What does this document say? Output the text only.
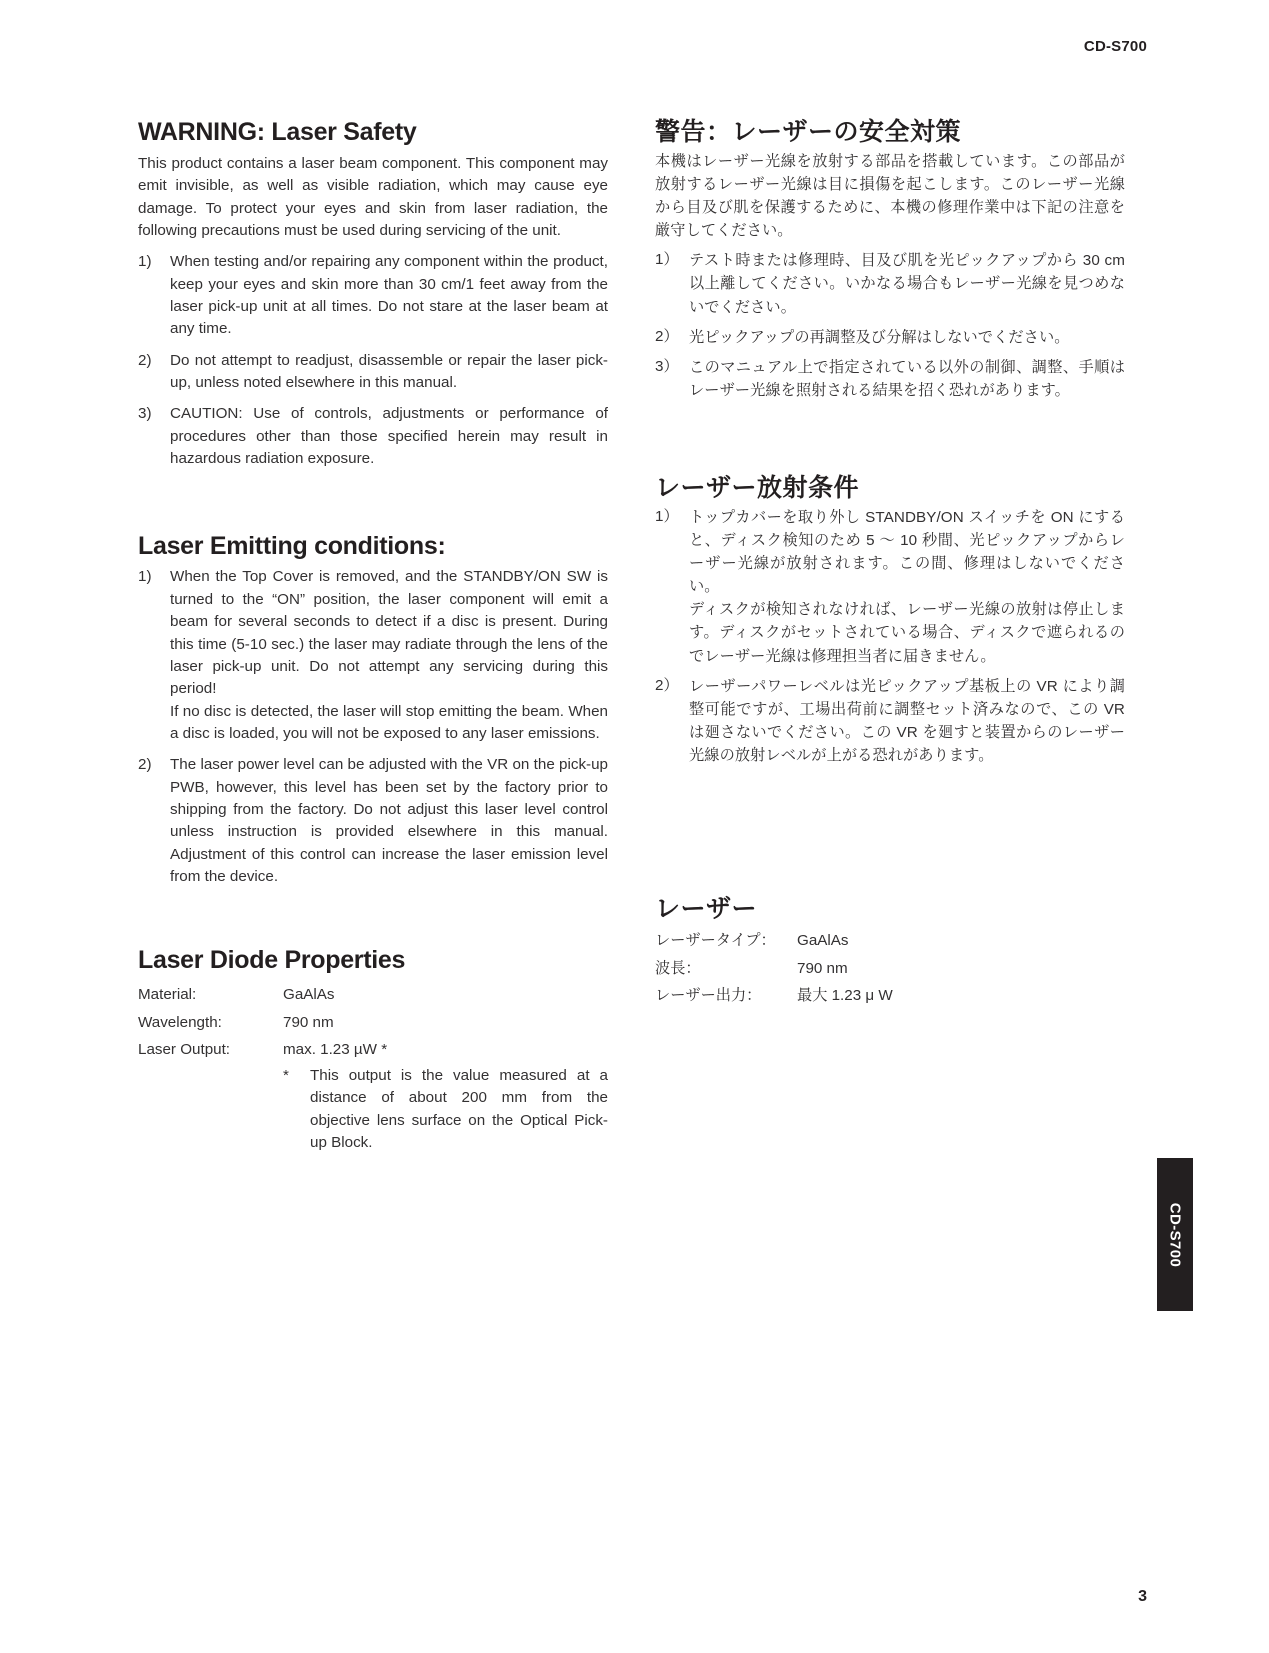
CD-S700
CD-S700
3
WARNING: Laser Safety

This product contains a laser beam component. This component may emit invisible, as well as visible radiation, which may cause eye damage. To protect your eyes and skin from laser radiation, the following precautions must be used during servicing of the unit.

1)	When testing and/or repairing any component within the product, keep your eyes and skin more than 30 cm/1 feet away from the laser pick-up unit at all times. Do not stare at the laser beam at any time.

2)	Do not attempt to readjust, disassemble or repair the laser pick-up, unless noted elsewhere in this manual.

3)	CAUTION: Use of controls, adjustments or performance of procedures other than those specified herein may result in hazardous radiation exposure.

Laser Emitting conditions:
1)	When the Top Cover is removed, and the STANDBY/ON SW is turned to the “ON” position, the laser component will emit a beam for several seconds to detect if a disc is present. During this time (5-10 sec.) the laser may radiate through the lens of the laser pick-up unit. Do not attempt any servicing during this period!

If no disc is detected, the laser will stop emitting the beam. When a disc is loaded, you will not be exposed to any laser emissions.

2)	The laser power level can be adjusted with the VR on the pick-up PWB, however, this level has been set by the factory prior to shipping from the factory. Do not adjust this laser level control unless instruction is provided elsewhere in this manual. Adjustment of this control can increase the laser emission level from the device.

Laser Diode Properties
Material:	GaAlAs
Wavelength:	790 nm
Laser Output:	max. 1.23 µW *
*	This output is the value measured at a distance of about 200 mm from the objective lens surface on the Optical Pick-up Block.
警告：レーザーの安全対策

本機はレーザー光線を放射する部品を搭載しています。この部品が放射するレーザー光線は目に損傷を起こします。このレーザー光線から目及び肌を保護するために、本機の修理作業中は下記の注意を厳守してください。

1） テスト時または修理時、目及び肌を光ピックアップから 30 cm 以上離してください。いかなる場合もレーザー光線を見つめないでください。

2） 光ピックアップの再調整及び分解はしないでください。

3） このマニュアル上で指定されている以外の制御、調整、手順はレーザー光線を照射される結果を招く恐れがあります。

レーザー放射条件
1） トップカバーを取り外し STANDBY/ON スイッチを ON にすると、ディスク検知のため 5 ～ 10 秒間、光ピックアップからレーザー光線が放射されます。この間、修理はしないでください。

ディスクが検知されなければ、レーザー光線の放射は停止します。ディスクがセットされている場合、ディスクで遮られるのでレーザー光線は修理担当者に届きません。

2） レーザーパワーレベルは光ピックアップ基板上の VR により調整可能ですが、工場出荷前に調整セット済みなので、この VR は廻さないでください。この VR を廻すと装置からのレーザー光線の放射レベルが上がる恐れがあります。

レーザー
レーザータイプ：	GaAlAs
波長：	790 nm
レーザー出力：	最大 1.23 μ W
